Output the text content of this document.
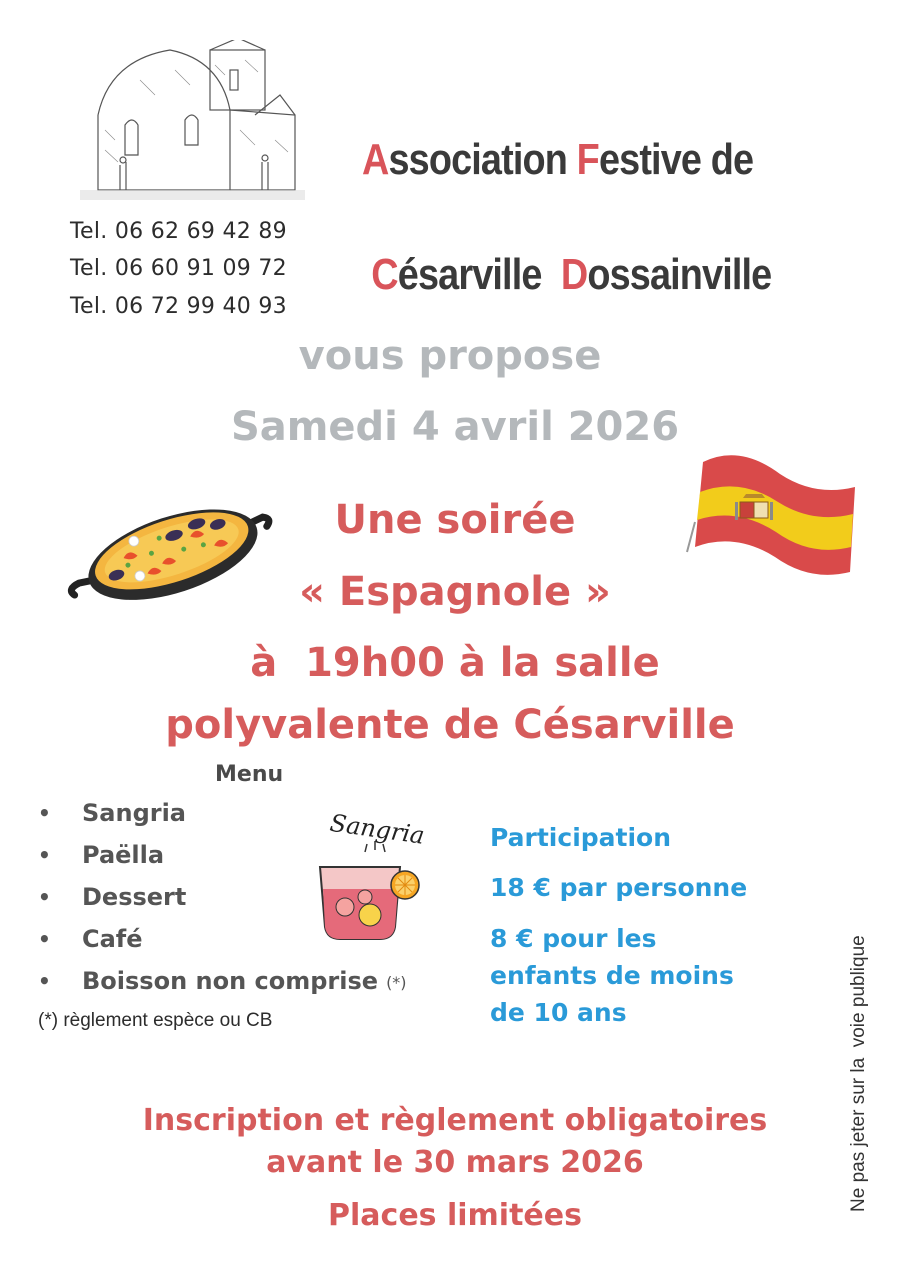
Association Festive de

Césarville  Dossainville

Tel. 06 62 69 42 89
Tel. 06 60 91 09 72
Tel. 06 72 99 40 93
vous propose
Samedi 4 avril 2026
Une soirée
« Espagnole »
à  19h00 à la salle
polyvalente de Césarville
Menu
•	Sangria
•	Paëlla
•	Dessert
•	Café
•	Boisson non comprise (*)
(*) règlement espèce ou CB
Sangria	Participation
18 € par personne
8 € pour les
enfants de moins
de 10 ans	Ne pas jeter sur la  voie publique
Inscription et règlement obligatoires
avant le 30 mars 2026
Places limitées
